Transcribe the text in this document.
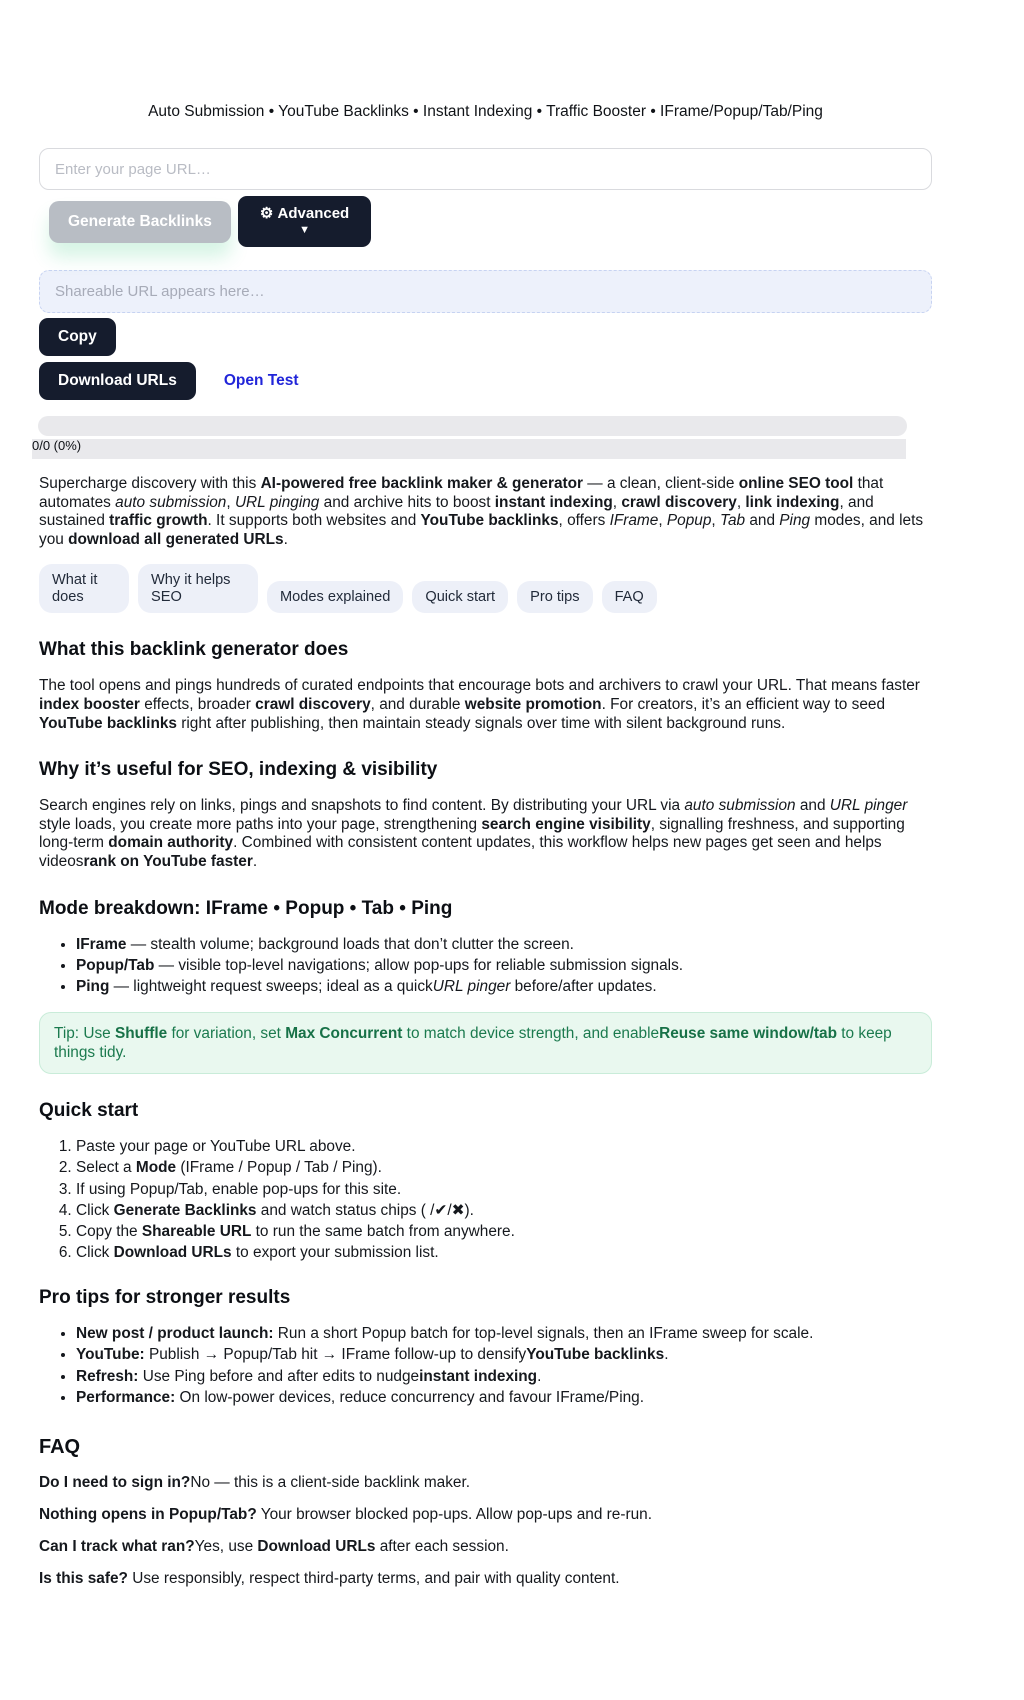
Auto Submission • YouTube Backlinks • Instant Indexing • Traffic Booster • IFrame/Popup/Tab/Ping
Enter your page URL…
Generate Backlinks	⚙ Advanced
▼
Shareable URL appears here…
Copy
Download URLs	Open Test
0/0 (0%)

Supercharge discovery with this AI-powered free backlink maker & generator — a clean, client-side online SEO tool that automates auto submission, URL pinging and archive hits to boost instant indexing, crawl discovery, link indexing, and sustained traffic growth. It supports both websites and YouTube backlinks, offers IFrame, Popup, Tab and Ping modes, and lets you download all generated URLs.

What it does
Why it helps SEO	Modes explained	Quick start	Pro tips	FAQ
What this backlink generator does

The tool opens and pings hundreds of curated endpoints that encourage bots and archivers to crawl your URL. That means faster index booster effects, broader crawl discovery, and durable website promotion. For creators, it’s an efficient way to seed YouTube backlinks right after publishing, then maintain steady signals over time with silent background runs.

Why it’s useful for SEO, indexing & visibility

Search engines rely on links, pings and snapshots to find content. By distributing your URL via auto submission and URL pinger style loads, you create more paths into your page, strengthening search engine visibility, signalling freshness, and supporting long-term domain authority. Combined with consistent content updates, this workflow helps new pages get seen and helps videosrank on YouTube faster.

Mode breakdown: IFrame • Popup • Tab • Ping
• IFrame — stealth volume; background loads that don’t clutter the screen.
• Popup/Tab — visible top-level navigations; allow pop-ups for reliable submission signals.
• Ping — lightweight request sweeps; ideal as a quickURL pinger before/after updates.
Tip: Use Shuffle for variation, set Max Concurrent to match device strength, and enableReuse same window/tab to keep things tidy.
Quick start
1. Paste your page or YouTube URL above.
2. Select a Mode (IFrame / Popup / Tab / Ping).
3. If using Popup/Tab, enable pop-ups for this site.
4. Click Generate Backlinks and watch status chips ( /✔/✖).
5. Copy the Shareable URL to run the same batch from anywhere.
6. Click Download URLs to export your submission list.
Pro tips for stronger results
• New post / product launch: Run a short Popup batch for top-level signals, then an IFrame sweep for scale.
• YouTube: Publish → Popup/Tab hit → IFrame follow-up to densifyYouTube backlinks.
• Refresh: Use Ping before and after edits to nudgeinstant indexing.
• Performance: On low-power devices, reduce concurrency and favour IFrame/Ping.
FAQ

Do I need to sign in?No — this is a client-side backlink maker.

Nothing opens in Popup/Tab? Your browser blocked pop-ups. Allow pop-ups and re-run.

Can I track what ran?Yes, use Download URLs after each session.

Is this safe? Use responsibly, respect third-party terms, and pair with quality content.
